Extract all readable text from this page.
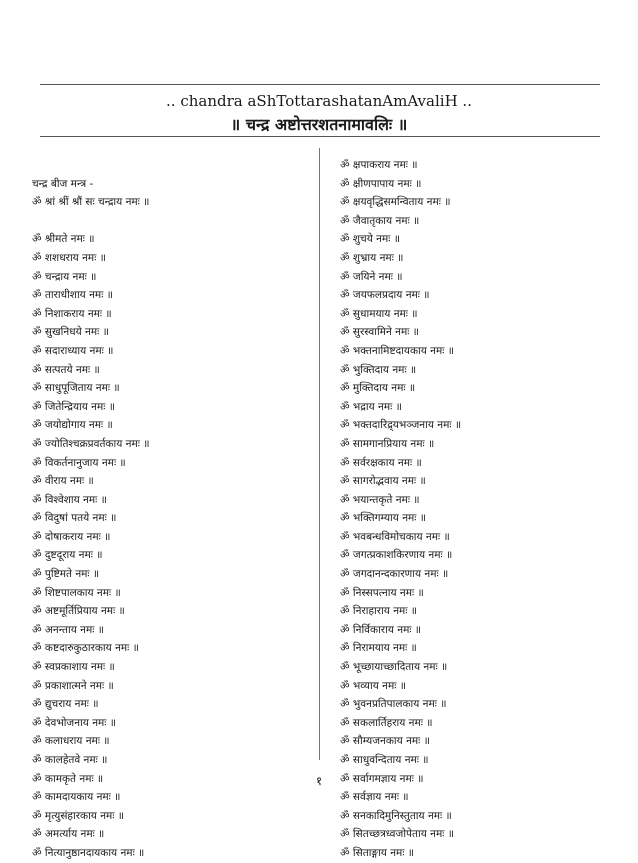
.. chandra aShTottarashatanAmAvaliH ..
॥ चन्द्र अष्टोत्तरशतनामावलिः ॥
चन्द्र बीज मन्त्र -
ॐ श्रां श्रीं श्रौं सः चन्द्राय नमः ॥
ॐ श्रीमते नमः ॥
ॐ शशधराय नमः ॥
ॐ चन्द्राय नमः ॥
ॐ ताराधीशाय नमः ॥
ॐ निशाकराय नमः ॥
ॐ सुखनिधये नमः ॥
ॐ सदाराध्याय नमः ॥
ॐ सत्पतये नमः ॥
ॐ साधुपूजिताय नमः ॥
ॐ जितेन्द्रियाय नमः ॥
ॐ जयोद्योगाय नमः ॥
ॐ ज्योतिश्चक्रप्रवर्तकाय नमः ॥
ॐ विकर्तनानुजाय नमः ॥
ॐ वीराय नमः ॥
ॐ विश्वेशाय नमः ॥
ॐ विदुषां पतये नमः ॥
ॐ दोषाकराय नमः ॥
ॐ दुष्टदूराय नमः ॥
ॐ पुष्टिमते नमः ॥
ॐ शिष्टपालकाय नमः ॥
ॐ अष्टमूर्तिप्रियाय नमः ॥
ॐ अनन्ताय नमः ॥
ॐ कष्टदारुकुठारकाय नमः ॥
ॐ स्वप्रकाशाय नमः ॥
ॐ प्रकाशात्मने नमः ॥
ॐ द्युचराय नमः ॥
ॐ देवभोजनाय नमः ॥
ॐ कलाधराय नमः ॥
ॐ कालहेतवे नमः ॥
ॐ कामकृते नमः ॥
ॐ कामदायकाय नमः ॥
ॐ मृत्युसंहारकाय नमः ॥
ॐ अमर्त्याय नमः ॥
ॐ नित्यानुष्ठानदायकाय नमः ॥
ॐ क्षपाकराय नमः ॥
ॐ क्षीणपापाय नमः ॥
ॐ क्षयवृद्धिसमन्विताय नमः ॥
ॐ जैवातृकाय नमः ॥
ॐ शुचये नमः ॥
ॐ शुभ्राय नमः ॥
ॐ जयिने नमः ॥
ॐ जयफलप्रदाय नमः ॥
ॐ सुधामयाय नमः ॥
ॐ सुरस्वामिने नमः ॥
ॐ भक्तनामिष्टदायकाय नमः ॥
ॐ भुक्तिदाय नमः ॥
ॐ मुक्तिदाय नमः ॥
ॐ भद्राय नमः ॥
ॐ भक्तदारिद्र्यभञ्जनाय नमः ॥
ॐ सामगानप्रियाय नमः ॥
ॐ सर्वरक्षकाय नमः ॥
ॐ सागरोद्भवाय नमः ॥
ॐ भयान्तकृते नमः ॥
ॐ भक्तिगम्याय नमः ॥
ॐ भवबन्धविमोचकाय नमः ॥
ॐ जगत्प्रकाशकिरणाय नमः ॥
ॐ जगदानन्दकारणाय नमः ॥
ॐ निस्सपत्नाय नमः ॥
ॐ निराहाराय नमः ॥
ॐ निर्विकाराय नमः ॥
ॐ निरामयाय नमः ॥
ॐ भूच्छायाच्छादिताय नमः ॥
ॐ भव्याय नमः ॥
ॐ भुवनप्रतिपालकाय नमः ॥
ॐ सकलार्तिहराय नमः ॥
ॐ सौम्यजनकाय नमः ॥
ॐ साधुवन्दिताय नमः ॥
ॐ सर्वागमज्ञाय नमः ॥
ॐ सर्वज्ञाय नमः ॥
ॐ सनकादिमुनिस्तुताय नमः ॥
ॐ सितच्छत्रध्वजोपेताय नमः ॥
ॐ सिताङ्गाय नमः ॥
१
